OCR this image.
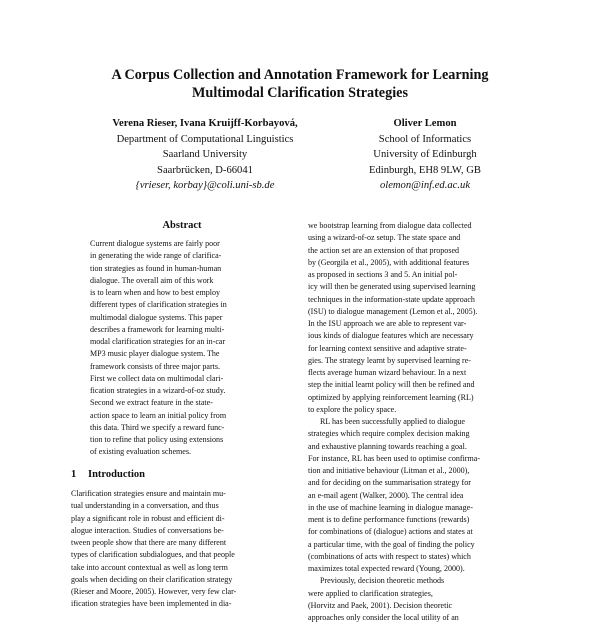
A Corpus Collection and Annotation Framework for Learning
Multimodal Clarification Strategies
Verena Rieser, Ivana Kruijff-Korbayová,
Department of Computational Linguistics
Saarland University
Saarbrücken, D-66041
{vrieser, korbay}@coli.uni-sb.de
Oliver Lemon
School of Informatics
University of Edinburgh
Edinburgh, EH8 9LW, GB
olemon@inf.ed.ac.uk
Abstract
Current dialogue systems are fairly poor
in generating the wide range of clarifica-
tion strategies as found in human-human
dialogue. The overall aim of this work
is to learn when and how to best employ
different types of clarification strategies in
multimodal dialogue systems. This paper
describes a framework for learning multi-
modal clarification strategies for an in-car
MP3 music player dialogue system. The
framework consists of three major parts.
First we collect data on multimodal clari-
fication strategies in a wizard-of-oz study.
Second we extract feature in the state-
action space to learn an initial policy from
this data. Third we specify a reward func-
tion to refine that policy using extensions
of existing evaluation schemes.
1 Introduction
Clarification strategies ensure and maintain mu-
tual understanding in a conversation, and thus
play a significant role in robust and efficient di-
alogue interaction. Studies of conversations be-
tween people show that there are many different
types of clarification subdialogues, and that people
take into account contextual as well as long term
goals when deciding on their clarification strategy
(Rieser and Moore, 2005). However, very few clar-
ification strategies have been implemented in dia-
we bootstrap learning from dialogue data collected
using a wizard-of-oz setup. The state space and
the action set are an extension of that proposed
by (Georgila et al., 2005), with additional features
as proposed in sections 3 and 5. An initial pol-
icy will then be generated using supervised learning
techniques in the information-state update approach
(ISU) to dialogue management (Lemon et al., 2005).
In the ISU approach we are able to represent var-
ious kinds of dialogue features which are necessary
for learning context sensitive and adaptive strate-
gies. The strategy learnt by supervised learning re-
flects average human wizard behaviour. In a next
step the initial learnt policy will then be refined and
optimized by applying reinforcement learning (RL)
to explore the policy space.
RL has been successfully applied to dialogue
strategies which require complex decision making
and exhaustive planning towards reaching a goal.
For instance, RL has been used to optimise confirma-
tion and initiative behaviour (Litman et al., 2000),
and for deciding on the summarisation strategy for
an e-mail agent (Walker, 2000). The central idea
in the use of machine learning in dialogue manage-
ment is to define performance functions (rewards)
for combinations of (dialogue) actions and states at
a particular time, with the goal of finding the policy
(combinations of acts with respect to states) which
maximizes total expected reward (Young, 2000).
Previously, decision theoretic methods
were applied to clarification strategies,
(Horvitz and Paek, 2001). Decision theoretic
approaches only consider the local utility of an
